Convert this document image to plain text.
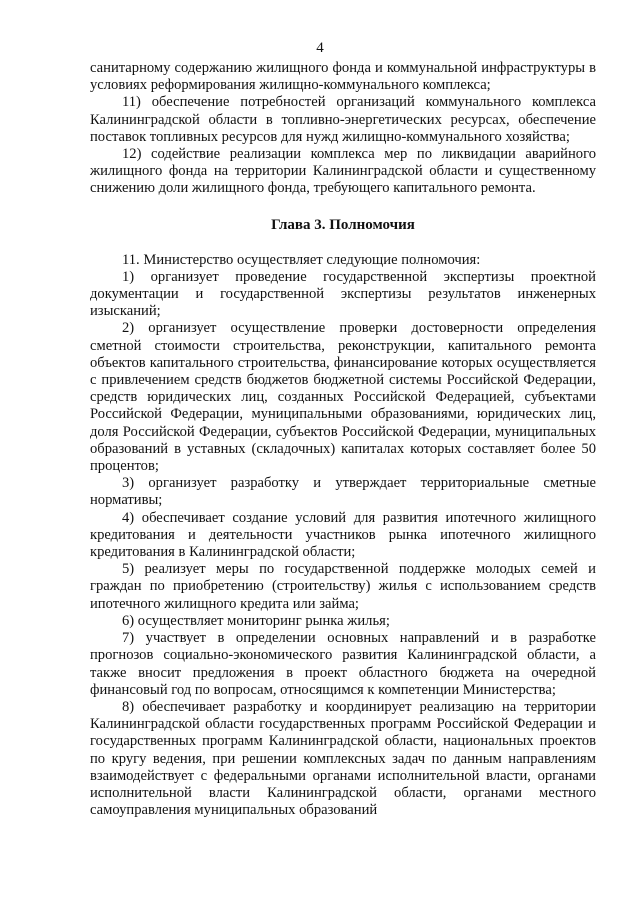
4

санитарному содержанию жилищного фонда и коммунальной инфраструктуры в условиях реформирования жилищно-коммунального комплекса;

11) обеспечение потребностей организаций коммунального комплекса Калининградской области в топливно-энергетических ресурсах, обеспечение поставок топливных ресурсов для нужд жилищно-коммунального хозяйства;

12) содействие реализации комплекса мер по ликвидации аварийного жилищного фонда на территории Калининградской области и существенному снижению доли жилищного фонда, требующего капитального ремонта.

Глава 3. Полномочия

11. Министерство осуществляет следующие полномочия:

1) организует проведение государственной экспертизы проектной документации и государственной экспертизы результатов инженерных изысканий;

2) организует осуществление проверки достоверности определения сметной стоимости строительства, реконструкции, капитального ремонта объектов капитального строительства, финансирование которых осуществляется с привлечением средств бюджетов бюджетной системы Российской Федерации, средств юридических лиц, созданных Российской Федерацией, субъектами Российской Федерации, муниципальными образованиями, юридических лиц, доля Российской Федерации, субъектов Российской Федерации, муниципальных образований в уставных (складочных) капиталах которых составляет более 50 процентов;

3) организует разработку и утверждает территориальные сметные нормативы;

4) обеспечивает создание условий для развития ипотечного жилищного кредитования и деятельности участников рынка ипотечного жилищного кредитования в Калининградской области;

5) реализует меры по государственной поддержке молодых семей и граждан по приобретению (строительству) жилья с использованием средств ипотечного жилищного кредита или займа;

6) осуществляет мониторинг рынка жилья;

7) участвует в определении основных направлений и в разработке прогнозов социально-экономического развития Калининградской области, а также вносит предложения в проект областного бюджета на очередной финансовый год по вопросам, относящимся к компетенции Министерства;

8) обеспечивает разработку и координирует реализацию на территории Калининградской области государственных программ Российской Федерации и государственных программ Калининградской области, национальных проектов по кругу ведения, при решении комплексных задач по данным направлениям взаимодействует с федеральными органами исполнительной власти, органами исполнительной власти Калининградской области, органами местного самоуправления муниципальных образований
